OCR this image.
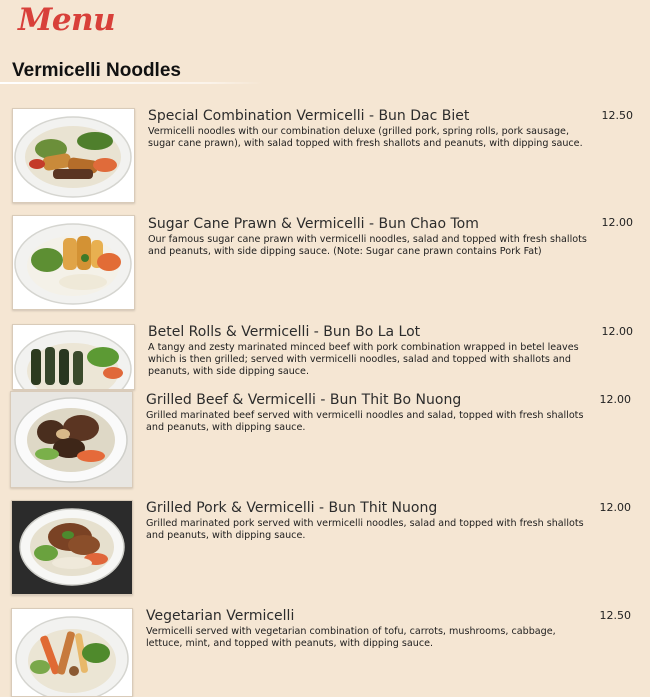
Menu
Vermicelli Noodles
Special Combination Vermicelli - Bun Dac Biet
Vermicelli noodles with our combination deluxe (grilled pork, spring rolls, pork sausage, sugar cane prawn), with salad topped with fresh shallots and peanuts, with dipping sauce.
12.50
Sugar Cane Prawn & Vermicelli - Bun Chao Tom
Our famous sugar cane prawn with vermicelli noodles, salad and topped with fresh shallots and peanuts, with side dipping sauce. (Note: Sugar cane prawn contains Pork Fat)
12.00
Betel Rolls & Vermicelli - Bun Bo La Lot
A tangy and zesty marinated minced beef with pork combination wrapped in betel leaves which is then grilled; served with vermicelli noodles, salad and topped with shallots and peanuts, with side dipping sauce.
12.00
Grilled Beef & Vermicelli - Bun Thit Bo Nuong
Grilled marinated beef served with vermicelli noodles and salad, topped with fresh shallots and peanuts, with dipping sauce.
12.00
Grilled Pork & Vermicelli - Bun Thit Nuong
Grilled marinated pork served with vermicelli noodles, salad and topped with fresh shallots and peanuts, with dipping sauce.
12.00
Vegetarian Vermicelli
Vermicelli served with vegetarian combination of tofu, carrots, mushrooms, cabbage, lettuce, mint, and topped with peanuts, with dipping sauce.
12.50
